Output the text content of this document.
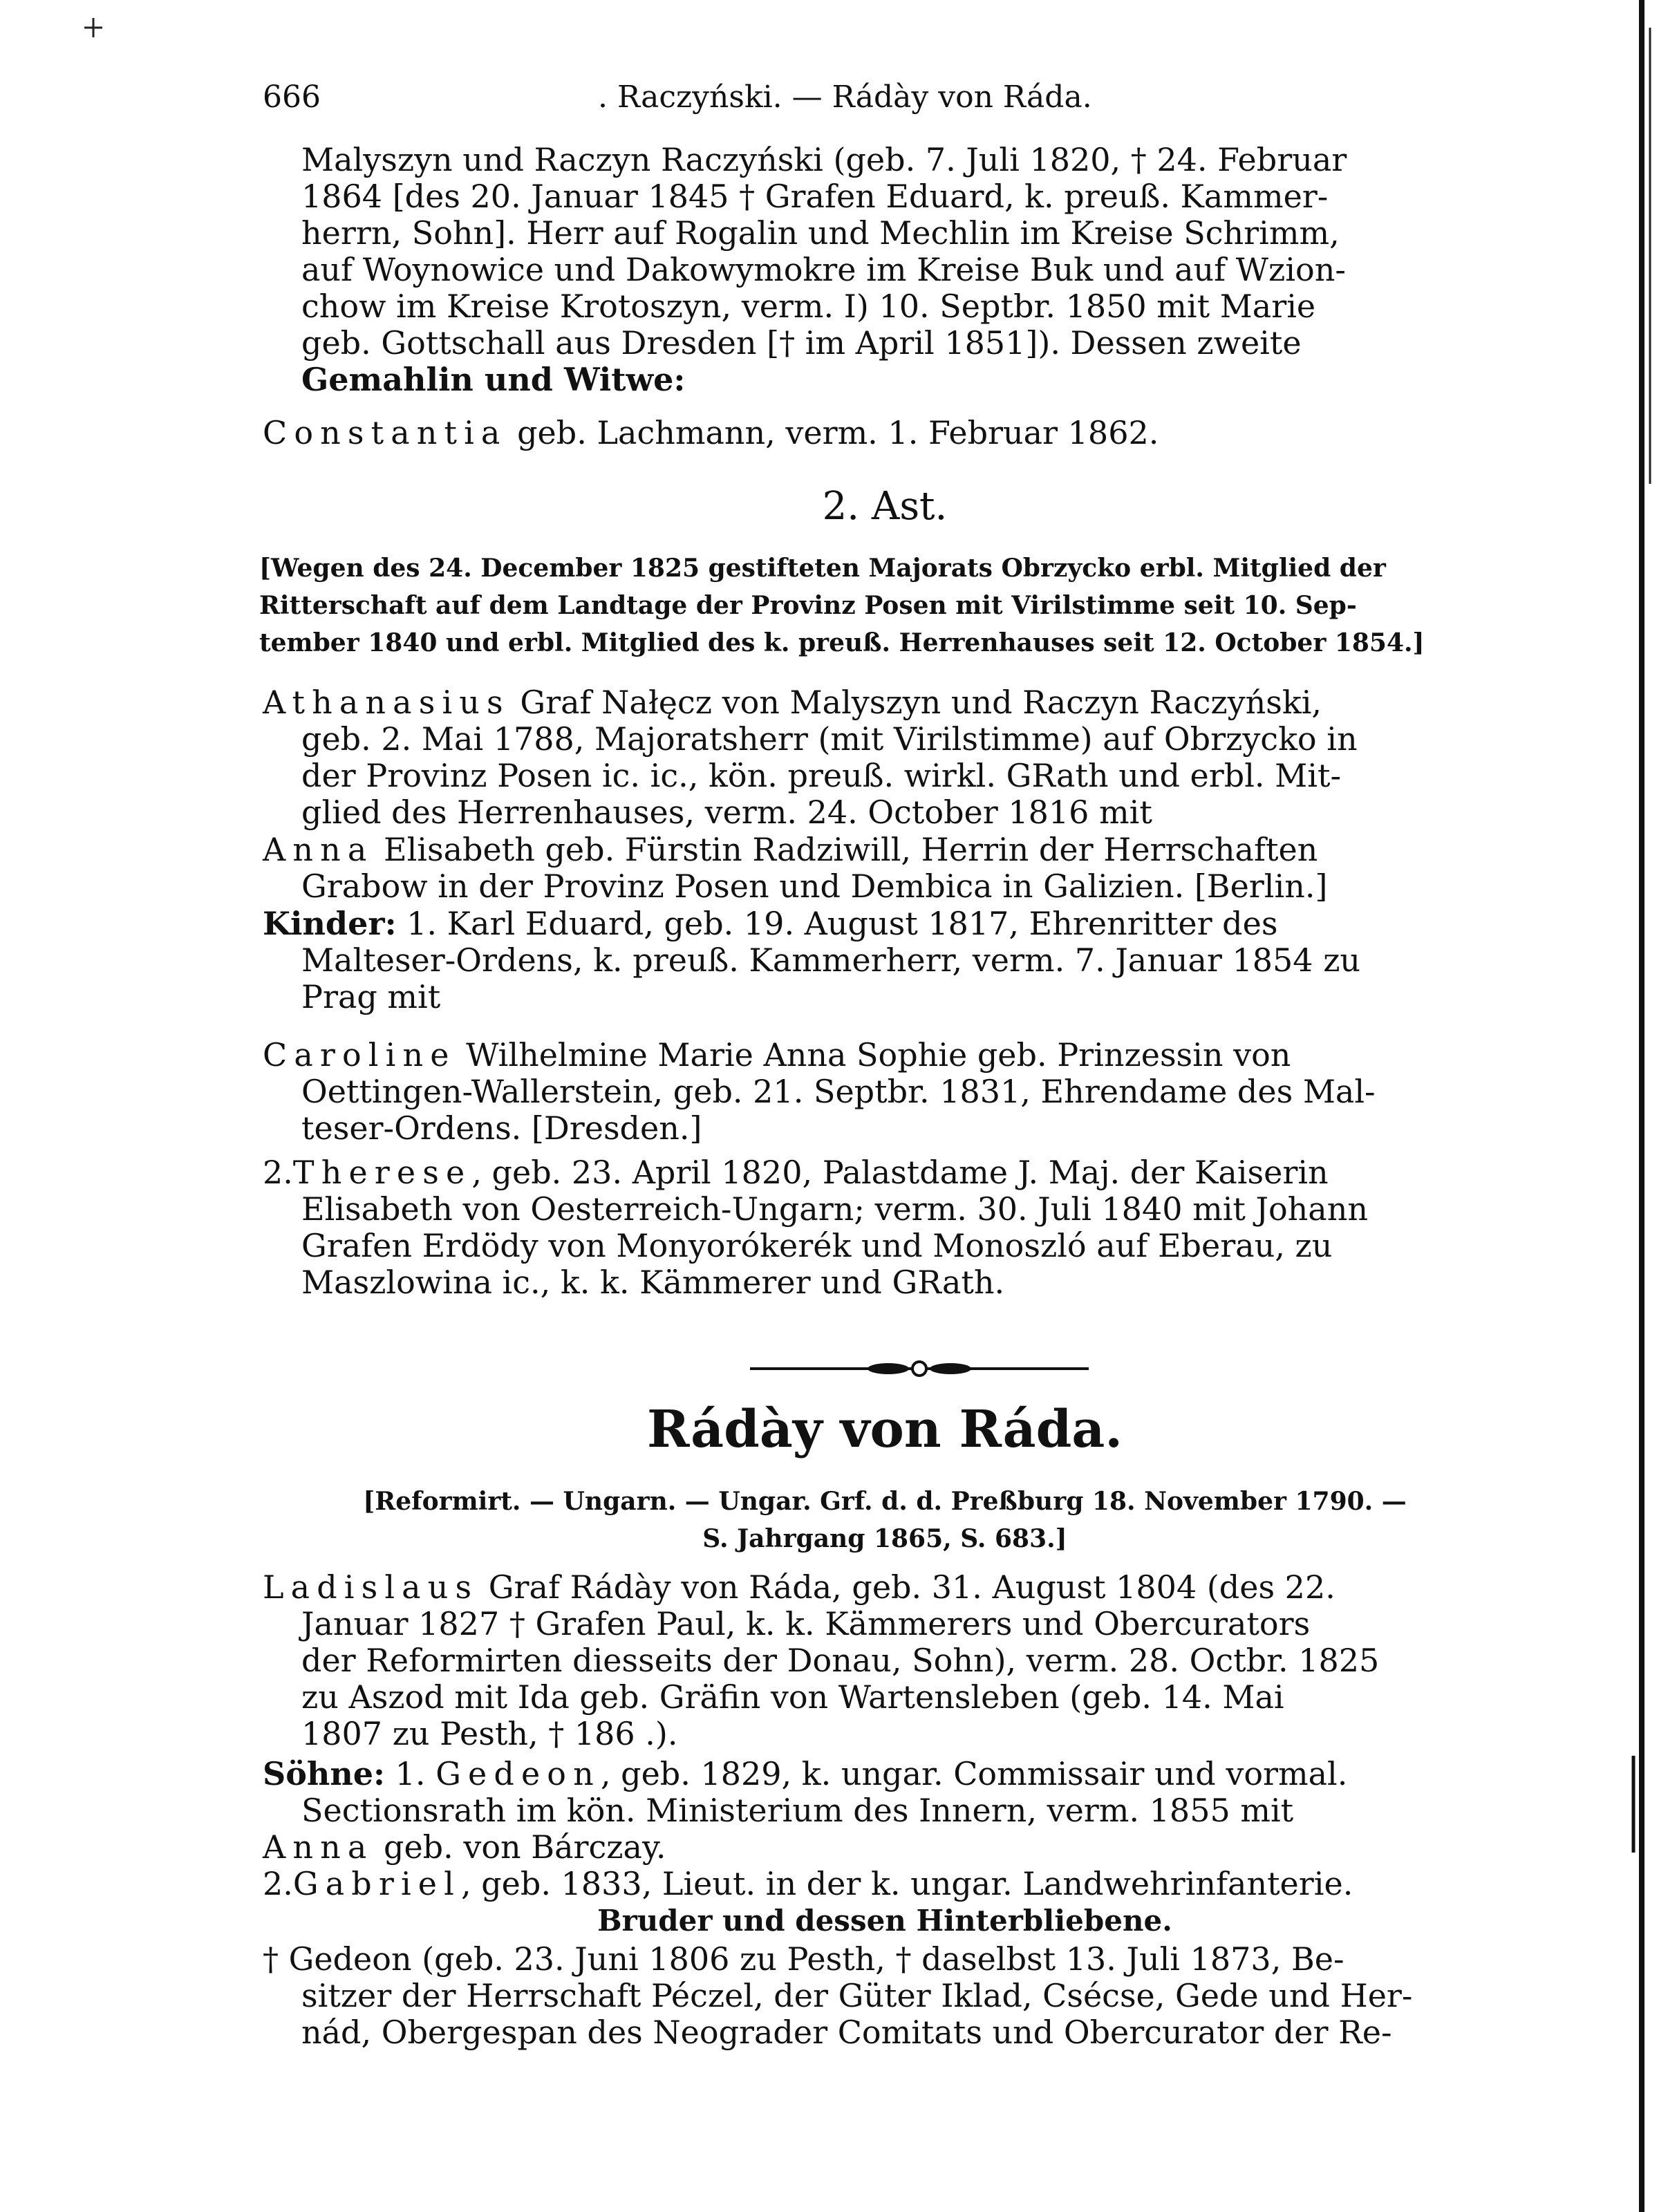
666	. Raczyński. — Rádày von Ráda.
Malyszyn und Raczyn Raczyński (geb. 7. Juli 1820, † 24. Februar
1864 [des 20. Januar 1845 † Grafen Eduard, k. preuß. Kammer-
herrn, Sohn]. Herr auf Rogalin und Mechlin im Kreise Schrimm,
auf Woynowice und Dakowymokre im Kreise Buk und auf Wzion-
chow im Kreise Krotoszyn, verm. I) 10. Septbr. 1850 mit Marie
geb. Gottschall aus Dresden [† im April 1851]). Dessen zweite
Gemahlin und Witwe:
Constantia geb. Lachmann, verm. 1. Februar 1862.
2. Ast.
[Wegen des 24. December 1825 gestifteten Majorats Obrzycko erbl. Mitglied der
Ritterschaft auf dem Landtage der Provinz Posen mit Virilstimme seit 10. Sep-
tember 1840 und erbl. Mitglied des k. preuß. Herrenhauses seit 12. October 1854.]
Athanasius Graf Nałęcz von Malyszyn und Raczyn Raczyński,
geb. 2. Mai 1788, Majoratsherr (mit Virilstimme) auf Obrzycko in
der Provinz Posen ic. ic., kön. preuß. wirkl. GRath und erbl. Mit-
glied des Herrenhauses, verm. 24. October 1816 mit
Anna Elisabeth geb. Fürstin Radziwill, Herrin der Herrschaften
Grabow in der Provinz Posen und Dembica in Galizien. [Berlin.]
Kinder: 1. Karl Eduard, geb. 19. August 1817, Ehrenritter des
Malteser-Ordens, k. preuß. Kammerherr, verm. 7. Januar 1854 zu
Prag mit
Caroline Wilhelmine Marie Anna Sophie geb. Prinzessin von
Oettingen-Wallerstein, geb. 21. Septbr. 1831, Ehrendame des Mal-
teser-Ordens. [Dresden.]
2.Therese, geb. 23. April 1820, Palastdame J. Maj. der Kaiserin
Elisabeth von Oesterreich-Ungarn; verm. 30. Juli 1840 mit Johann
Grafen Erdödy von Monyorókerék und Monoszló auf Eberau, zu
Maszlowina ic., k. k. Kämmerer und GRath.
Rádày von Ráda.
[Reformirt. — Ungarn. — Ungar. Grf. d. d. Preßburg 18. November 1790. —
S. Jahrgang 1865, S. 683.]
Ladislaus Graf Rádày von Ráda, geb. 31. August 1804 (des 22.
Januar 1827 † Grafen Paul, k. k. Kämmerers und Obercurators
der Reformirten diesseits der Donau, Sohn), verm. 28. Octbr. 1825
zu Aszod mit Ida geb. Gräfin von Wartensleben (geb. 14. Mai
1807 zu Pesth, † 186 .).
Söhne: 1. Gedeon, geb. 1829, k. ungar. Commissair und vormal.
Sectionsrath im kön. Ministerium des Innern, verm. 1855 mit
Anna geb. von Bárczay.
2.Gabriel, geb. 1833, Lieut. in der k. ungar. Landwehrinfanterie.
Bruder und dessen Hinterbliebene.
† Gedeon (geb. 23. Juni 1806 zu Pesth, † daselbst 13. Juli 1873, Be-
sitzer der Herrschaft Péczel, der Güter Iklad, Csécse, Gede und Her-
nád, Obergespan des Neograder Comitats und Obercurator der Re-
